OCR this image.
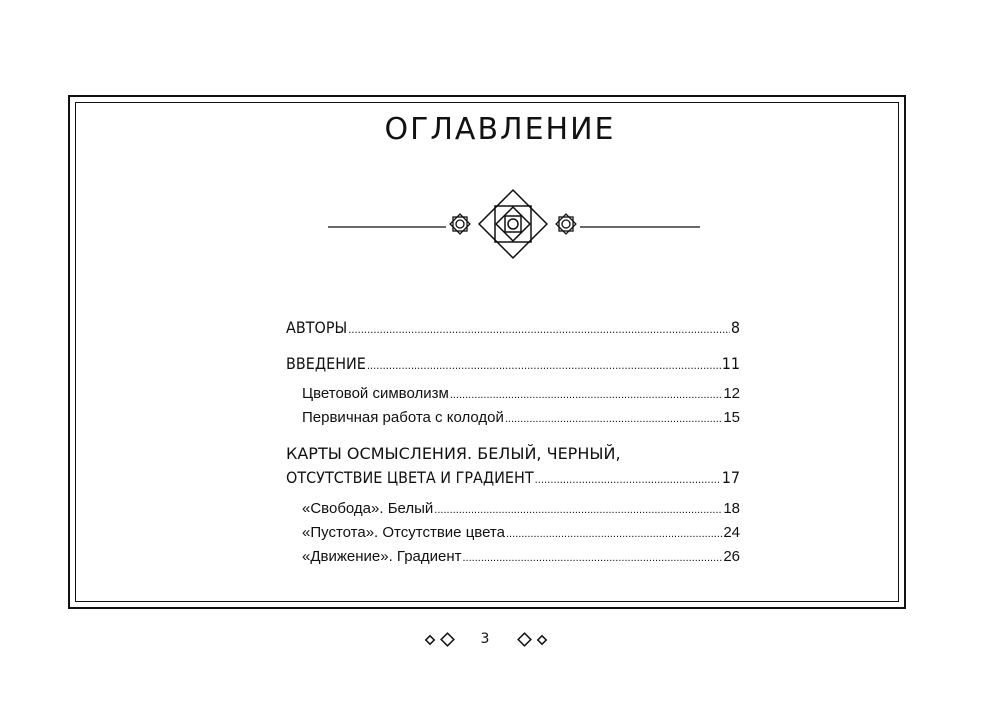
ОГЛАВЛЕНИЕ
АВТОРЫ .....	8
ВВЕДЕНИЕ .....	11
Цветовой символизм .....	12
Первичная работа с колодой .....	15
КАРТЫ ОСМЫСЛЕНИЯ. БЕЛЫЙ, ЧЕРНЫЙ,
ОТСУТСТВИЕ ЦВЕТА И ГРАДИЕНТ .....	17
«Свобода». Белый .....	18
«Пустота». Отсутствие цвета .....	24
«Движение». Градиент .....	26
3
